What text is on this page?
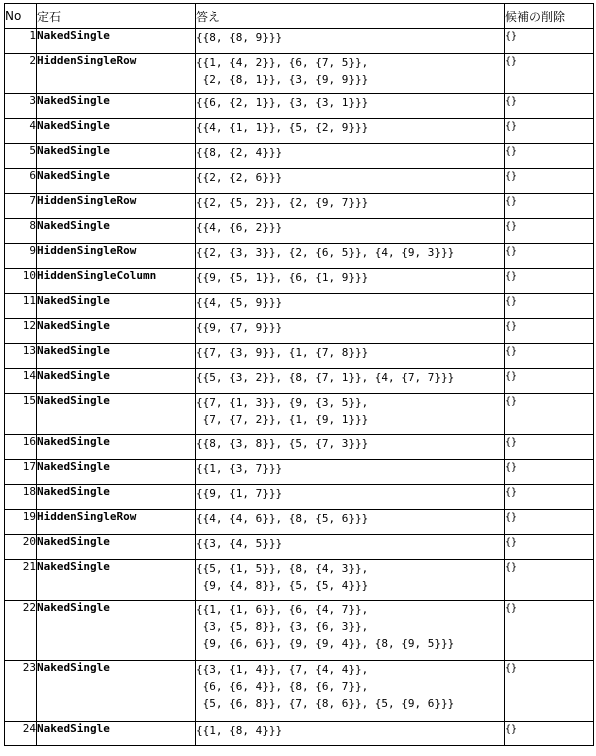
No	定石	答え	候補の削除
1	NakedSingle	{{8, {8, 9}}}	{}
2	HiddenSingleRow	{{1, {4, 2}}, {6, {7, 5}},
{2, {8, 1}}, {3, {9, 9}}}	{}
3	NakedSingle	{{6, {2, 1}}, {3, {3, 1}}}	{}
4	NakedSingle	{{4, {1, 1}}, {5, {2, 9}}}	{}
5	NakedSingle	{{8, {2, 4}}}	{}
6	NakedSingle	{{2, {2, 6}}}	{}
7	HiddenSingleRow	{{2, {5, 2}}, {2, {9, 7}}}	{}
8	NakedSingle	{{4, {6, 2}}}	{}
9	HiddenSingleRow	{{2, {3, 3}}, {2, {6, 5}}, {4, {9, 3}}}	{}
10	HiddenSingleColumn	{{9, {5, 1}}, {6, {1, 9}}}	{}
11	NakedSingle	{{4, {5, 9}}}	{}
12	NakedSingle	{{9, {7, 9}}}	{}
13	NakedSingle	{{7, {3, 9}}, {1, {7, 8}}}	{}
14	NakedSingle	{{5, {3, 2}}, {8, {7, 1}}, {4, {7, 7}}}	{}
15	NakedSingle	{{7, {1, 3}}, {9, {3, 5}},
{7, {7, 2}}, {1, {9, 1}}}	{}
16	NakedSingle	{{8, {3, 8}}, {5, {7, 3}}}	{}
17	NakedSingle	{{1, {3, 7}}}	{}
18	NakedSingle	{{9, {1, 7}}}	{}
19	HiddenSingleRow	{{4, {4, 6}}, {8, {5, 6}}}	{}
20	NakedSingle	{{3, {4, 5}}}	{}
21	NakedSingle	{{5, {1, 5}}, {8, {4, 3}},
{9, {4, 8}}, {5, {5, 4}}}	{}
22	NakedSingle	{{1, {1, 6}}, {6, {4, 7}},
{3, {5, 8}}, {3, {6, 3}},
{9, {6, 6}}, {9, {9, 4}}, {8, {9, 5}}}	{}
23	NakedSingle	{{3, {1, 4}}, {7, {4, 4}},
{6, {6, 4}}, {8, {6, 7}},
{5, {6, 8}}, {7, {8, 6}}, {5, {9, 6}}}	{}
24	NakedSingle	{{1, {8, 4}}}	{}
